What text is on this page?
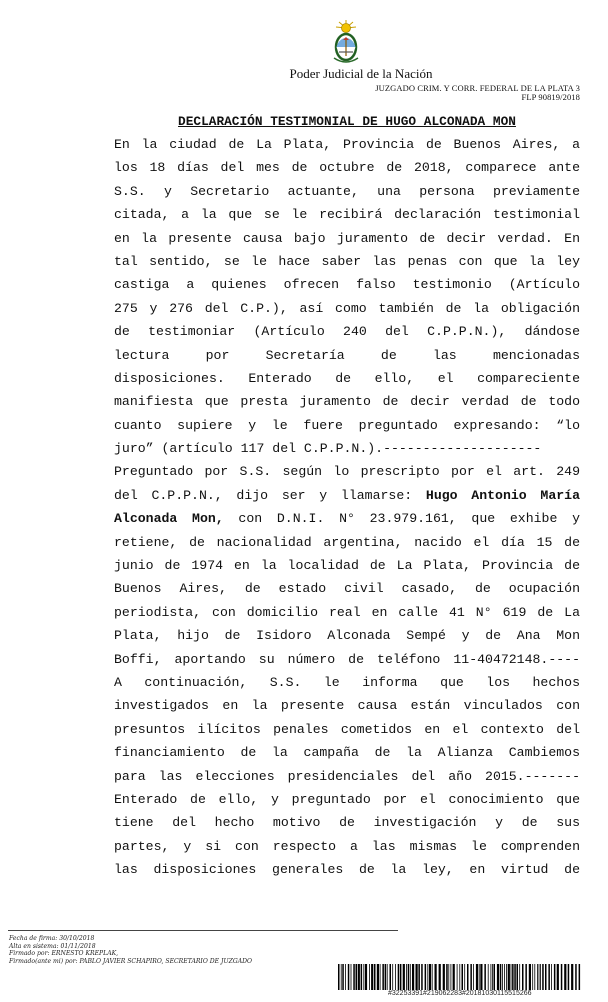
Poder Judicial de la Nación
JUZGADO CRIM. Y CORR. FEDERAL DE LA PLATA 3
FLP 90819/2018
DECLARACIÓN TESTIMONIAL DE HUGO ALCONADA MON
En la ciudad de La Plata, Provincia de Buenos Aires, a
los 18 días del mes de octubre de 2018, comparece ante
S.S. y Secretario actuante, una persona previamente
citada, a la que se le recibirá declaración testimonial
en la presente causa bajo juramento de decir verdad. En
tal sentido, se le hace saber las penas con que la ley
castiga a quienes ofrecen falso testimonio (Artículo
275 y 276 del C.P.), así como también de la obligación
de testimoniar (Artículo 240 del C.P.P.N.), dándose
lectura por Secretaría de las mencionadas
disposiciones. Enterado de ello, el compareciente
manifiesta que presta juramento de decir verdad de todo
cuanto supiere y le fuere preguntado expresando: “lo
juro” (artículo 117 del C.P.P.N.).--------------------
Preguntado por S.S. según lo prescripto por el art. 249
del C.P.P.N., dijo ser y llamarse: Hugo Antonio María
Alconada Mon, con D.N.I. N° 23.979.161, que exhibe y
retiene, de nacionalidad argentina, nacido el día 15 de
junio de 1974 en la localidad de La Plata, Provincia de
Buenos Aires, de estado civil casado, de ocupación
periodista, con domicilio real en calle 41 N° 619 de La
Plata, hijo de Isidoro Alconada Sempé y de Ana Mon
Boffi, aportando su número de teléfono 11-40472148.----
A continuación, S.S. le informa que los hechos
investigados en la presente causa están vinculados con
presuntos ilícitos penales cometidos en el contexto del
financiamiento de la campaña de la Alianza Cambiemos
para las elecciones presidenciales del año 2015.-------
Enterado de ello, y preguntado por el conocimiento que
tiene del hecho motivo de investigación y de sus
partes, y si con respecto a las mismas le comprenden
las disposiciones generales de la ley, en virtud de
Fecha de firma: 30/10/2018
Alta en sistema: 01/11/2018
Firmado por: ERNESTO KREPLAK,
Firmado(ante mi) por: PABLO JAVIER SCHAPIRO, SECRETARIO DE JUZGADO
#32253391#219062283#20181030115515266
